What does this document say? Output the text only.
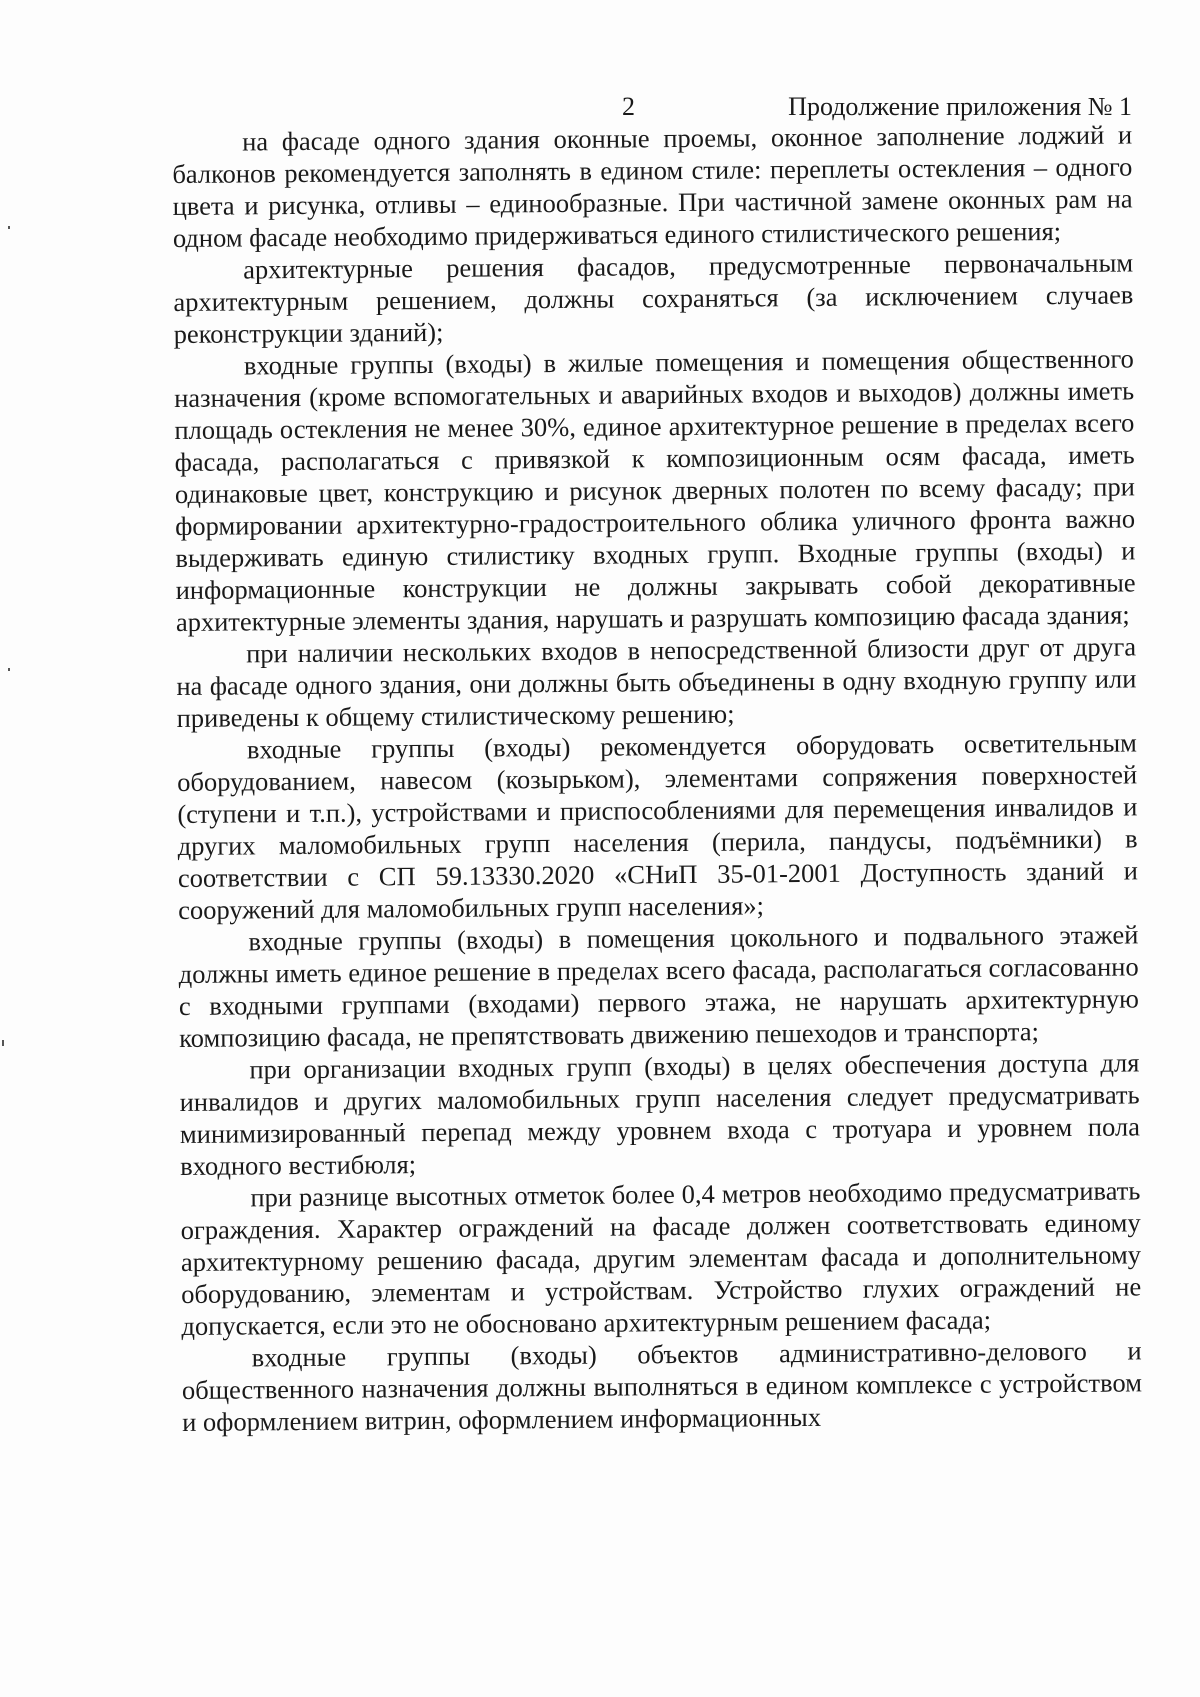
2	Продолжение приложения № 1

на фасаде одного здания оконные проемы, оконное заполнение лоджий и балконов рекомендуется заполнять в едином стиле: переплеты остекления – одного цвета и рисунка, отливы – единообразные. При частичной замене оконных рам на одном фасаде необходимо придерживаться единого стилистического решения;

архитектурные решения фасадов, предусмотренные первоначальным архитектурным решением, должны сохраняться (за исключением случаев реконструкции зданий);

входные группы (входы) в жилые помещения и помещения общественного назначения (кроме вспомогательных и аварийных входов и выходов) должны иметь площадь остекления не менее 30%, единое архитектурное решение в пределах всего фасада, располагаться с привязкой к композиционным осям фасада, иметь одинаковые цвет, конструкцию и рисунок дверных полотен по всему фасаду; при формировании архитектурно-градостроительного облика уличного фронта важно выдерживать единую стилистику входных групп. Входные группы (входы) и информационные конструкции не должны закрывать собой декоративные архитектурные элементы здания, нарушать и разрушать композицию фасада здания;

при наличии нескольких входов в непосредственной близости друг от друга на фасаде одного здания, они должны быть объединены в одну входную группу или приведены к общему стилистическому решению;

входные группы (входы) рекомендуется оборудовать осветительным оборудованием, навесом (козырьком), элементами сопряжения поверхностей (ступени и т.п.), устройствами и приспособлениями для перемещения инвалидов и других маломобильных групп населения (перила, пандусы, подъёмники) в соответствии с СП 59.13330.2020 «СНиП 35-01-2001 Доступность зданий и сооружений для маломобильных групп населения»;

входные группы (входы) в помещения цокольного и подвального этажей должны иметь единое решение в пределах всего фасада, располагаться согласованно с входными группами (входами) первого этажа, не нарушать архитектурную композицию фасада, не препятствовать движению пешеходов и транспорта;

при организации входных групп (входы) в целях обеспечения доступа для инвалидов и других маломобильных групп населения следует предусматривать минимизированный перепад между уровнем входа с тротуара и уровнем пола входного вестибюля;

при разнице высотных отметок более 0,4 метров необходимо предусматривать ограждения. Характер ограждений на фасаде должен соответствовать единому архитектурному решению фасада, другим элементам фасада и дополнительному оборудованию, элементам и устройствам. Устройство глухих ограждений не допускается, если это не обосновано архитектурным решением фасада;

входные группы (входы) объектов административно-делового и общественного назначения должны выполняться в едином комплексе с устройством и оформлением витрин, оформлением информационных
